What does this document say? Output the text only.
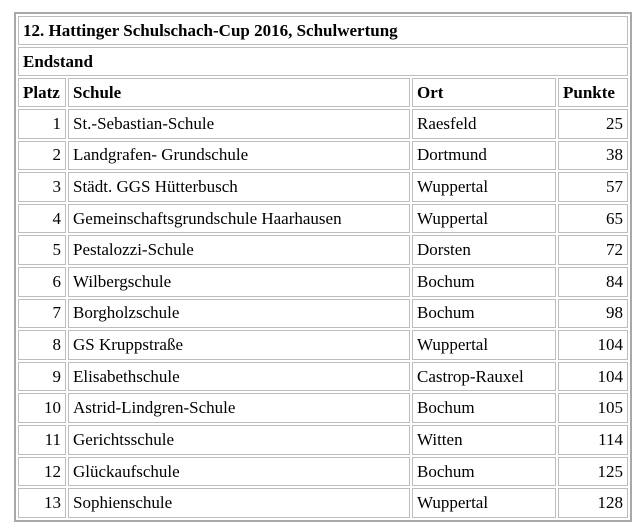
12. Hattinger Schulschach-Cup 2016, Schulwertung			
Endstand			
Platz	Schule	Ort	Punkte
1	St.-Sebastian-Schule	Raesfeld	25
2	Landgrafen- Grundschule	Dortmund	38
3	Städt. GGS Hütterbusch	Wuppertal	57
4	Gemeinschaftsgrundschule Haarhausen	Wuppertal	65
5	Pestalozzi-Schule	Dorsten	72
6	Wilbergschule	Bochum	84
7	Borgholzschule	Bochum	98
8	GS Kruppstraße	Wuppertal	104
9	Elisabethschule	Castrop-Rauxel	104
10	Astrid-Lindgren-Schule	Bochum	105
11	Gerichtsschule	Witten	114
12	Glückaufschule	Bochum	125
13	Sophienschule	Wuppertal	128
